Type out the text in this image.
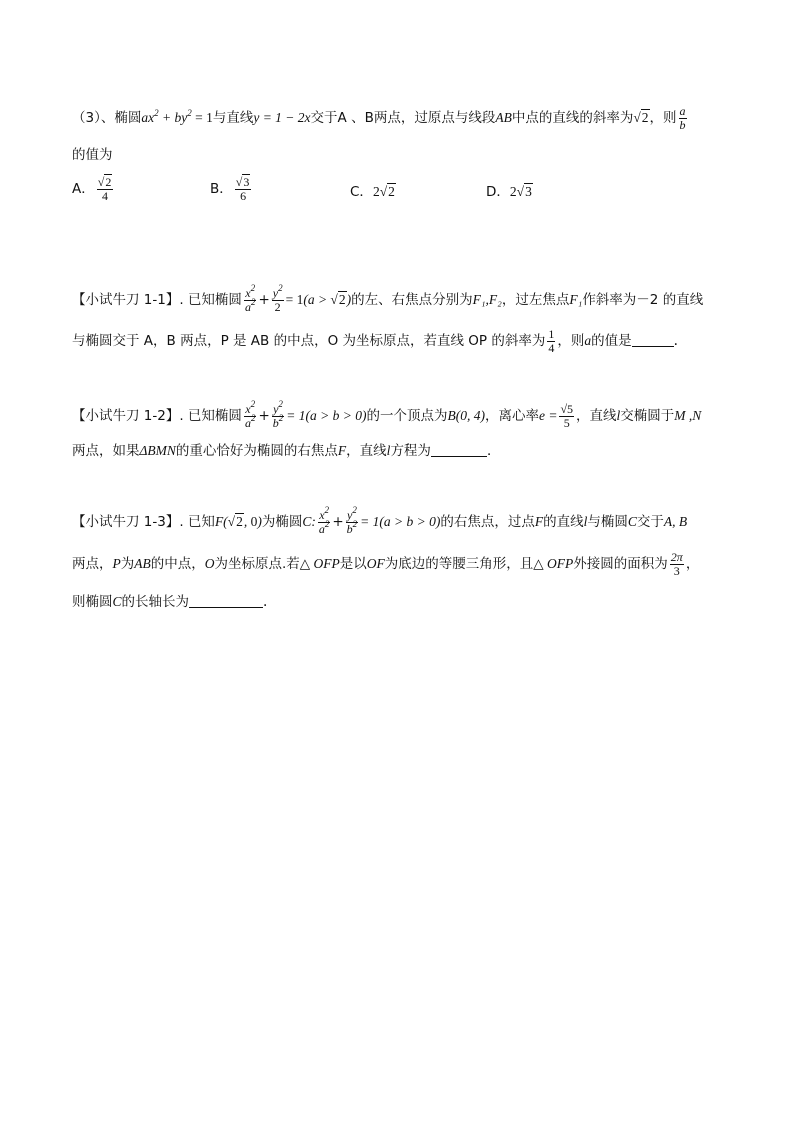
（3）、椭圆$ax^2 + by^2 = 1$与直线y = 1 − 2x交于A 、B两点，过原点与线段AB中点的直线的斜率为√2，则 $\frac{a}{b}$
的值为
A． $\frac{√2}{4}$	B． $\frac{√3}{6}$	C．2√2	D．2√3
【小试牛刀 1-1】. 已知椭圆 $\frac{x^2}{a^2} + \frac{y^2}{2} = 1(a > √2)$的左、右焦点分别为F₁,F₂，过左焦点F₁作斜率为－2 的直线
与椭圆交于 A，B 两点，P 是 AB 的中点，O 为坐标原点，若直线 OP 的斜率为 $\frac{1}{4}$ ，则a的值是	.
【小试牛刀 1-2】. 已知椭圆 $\frac{x^2}{a^2} + \frac{y^2}{b^2} = 1(a > b > 0)$的一个顶点为B(0, 4)，离心率$e = \frac{√5}{5}$ ，直线l交椭圆于M ,N
两点，如果ΔBMN的重心恰好为椭圆的右焦点F，直线l方程为	．
【小试牛刀 1-3】. 已知F(√2, 0)为椭圆C: $\frac{x^2}{a^2} + \frac{y^2}{b^2} = 1(a > b > 0)$的右焦点，过点F的直线l与椭圆C交于A, B
两点，P为AB的中点，O为坐标原点.若△ OFP是以OF为底边的等腰三角形，且△ OFP外接圆的面积为 $\frac{2\pi}{3}$ ，
则椭圆C的长轴长为	.
